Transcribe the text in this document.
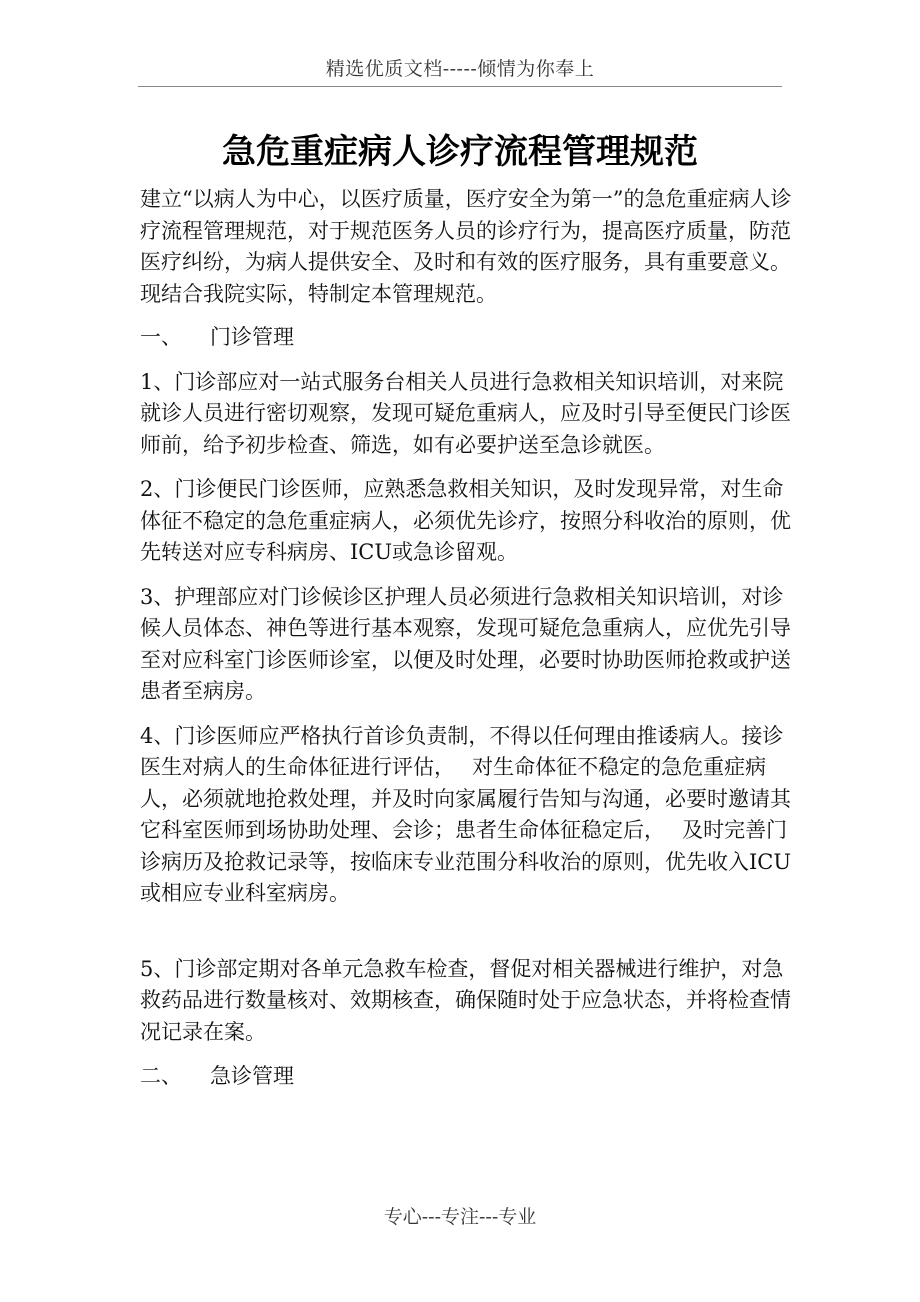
精选优质文档-----倾情为你奉上
急危重症病人诊疗流程管理规范

建立“以病人为中心，以医疗质量，医疗安全为第一”的急危重症病人诊疗流程管理规范，对于规范医务人员的诊疗行为，提高医疗质量，防范医疗纠纷，为病人提供安全、及时和有效的医疗服务，具有重要意义。现结合我院实际，特制定本管理规范。

一、 门诊管理

1、门诊部应对一站式服务台相关人员进行急救相关知识培训，对来院就诊人员进行密切观察，发现可疑危重病人，应及时引导至便民门诊医师前，给予初步检查、筛选，如有必要护送至急诊就医。

2、门诊便民门诊医师，应熟悉急救相关知识，及时发现异常，对生命体征不稳定的急危重症病人，必须优先诊疗，按照分科收治的原则，优先转送对应专科病房、ICU或急诊留观。

3、护理部应对门诊候诊区护理人员必须进行急救相关知识培训，对诊候人员体态、神色等进行基本观察，发现可疑危急重病人，应优先引导至对应科室门诊医师诊室，以便及时处理，必要时协助医师抢救或护送患者至病房。

4、门诊医师应严格执行首诊负责制，不得以任何理由推诿病人。接诊医生对病人的生命体征进行评估，　 对生命体征不稳定的急危重症病人，必须就地抢救处理，并及时向家属履行告知与沟通，必要时邀请其它科室医师到场协助处理、会诊；患者生命体征稳定后，　 及时完善门诊病历及抢救记录等，按临床专业范围分科收治的原则，优先收入ICU或相应专业科室病房。

5、门诊部定期对各单元急救车检查，督促对相关器械进行维护，对急救药品进行数量核对、效期核查，确保随时处于应急状态，并将检查情况记录在案。

二、 急诊管理

专心---专注---专业
